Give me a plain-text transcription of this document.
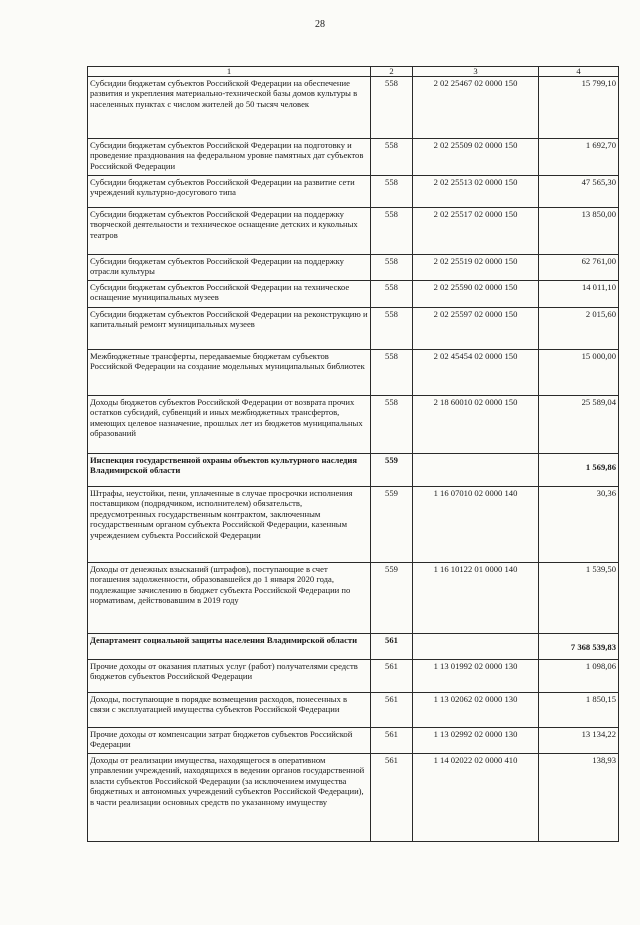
28
1	2	3	4
Субсидии бюджетам субъектов Российской Федерации на обеспечение развития и укрепления материально-технической базы домов культуры в населенных пунктах с числом жителей до 50 тысяч человек	558	2 02 25467 02 0000 150	15 799,10
Субсидии бюджетам субъектов Российской Федерации на подготовку и проведение празднования на федеральном уровне памятных дат субъектов Российской Федерации	558	2 02 25509 02 0000 150	1 692,70
Субсидии бюджетам субъектов Российской Федерации на развитие сети учреждений культурно-досугового типа	558	2 02 25513 02 0000 150	47 565,30
Субсидии бюджетам субъектов Российской Федерации на поддержку творческой деятельности и техническое оснащение детских и кукольных театров	558	2 02 25517 02 0000 150	13 850,00
Субсидии бюджетам субъектов Российской Федерации на поддержку отрасли культуры	558	2 02 25519 02 0000 150	62 761,00
Субсидии бюджетам субъектов Российской Федерации на техническое оснащение муниципальных музеев	558	2 02 25590 02 0000 150	14 011,10
Субсидии бюджетам субъектов Российской Федерации на реконструкцию и капитальный ремонт муниципальных музеев	558	2 02 25597 02 0000 150	2 015,60
Межбюджетные трансферты, передаваемые бюджетам субъектов Российской Федерации на создание модельных муниципальных библиотек	558	2 02 45454 02 0000 150	15 000,00
Доходы бюджетов субъектов Российской Федерации от возврата прочих остатков субсидий, субвенций и иных межбюджетных трансфертов, имеющих целевое назначение, прошлых лет из бюджетов муниципальных образований	558	2 18 60010 02 0000 150	25 589,04
Инспекция государственной охраны объектов культурного наследия Владимирской области	559		1 569,86
Штрафы, неустойки, пени, уплаченные в случае просрочки исполнения поставщиком (подрядчиком, исполнителем) обязательств, предусмотренных государственным контрактом, заключенным государственным органом субъекта Российской Федерации, казенным учреждением субъекта Российской Федерации	559	1 16 07010 02 0000 140	30,36
Доходы от денежных взысканий (штрафов), поступающие в счет погашения задолженности, образовавшейся до 1 января 2020 года, подлежащие зачислению в бюджет субъекта Российской Федерации по нормативам, действовавшим в 2019 году	559	1 16 10122 01 0000 140	1 539,50
Департамент социальной защиты населения Владимирской области	561		7 368 539,83
Прочие доходы от оказания платных услуг (работ) получателями средств бюджетов субъектов Российской Федерации	561	1 13 01992 02 0000 130	1 098,06
Доходы, поступающие в порядке возмещения расходов, понесенных в связи с эксплуатацией имущества субъектов Российской Федерации	561	1 13 02062 02 0000 130	1 850,15
Прочие доходы от компенсации затрат бюджетов субъектов Российской Федерации	561	1 13 02992 02 0000 130	13 134,22
Доходы от реализации имущества, находящегося в оперативном управлении учреждений, находящихся в ведении органов государственной власти субъектов Российской Федерации (за исключением имущества бюджетных и автономных учреждений субъектов Российской Федерации), в части реализации основных средств по указанному имуществу	561	1 14 02022 02 0000 410	138,93
